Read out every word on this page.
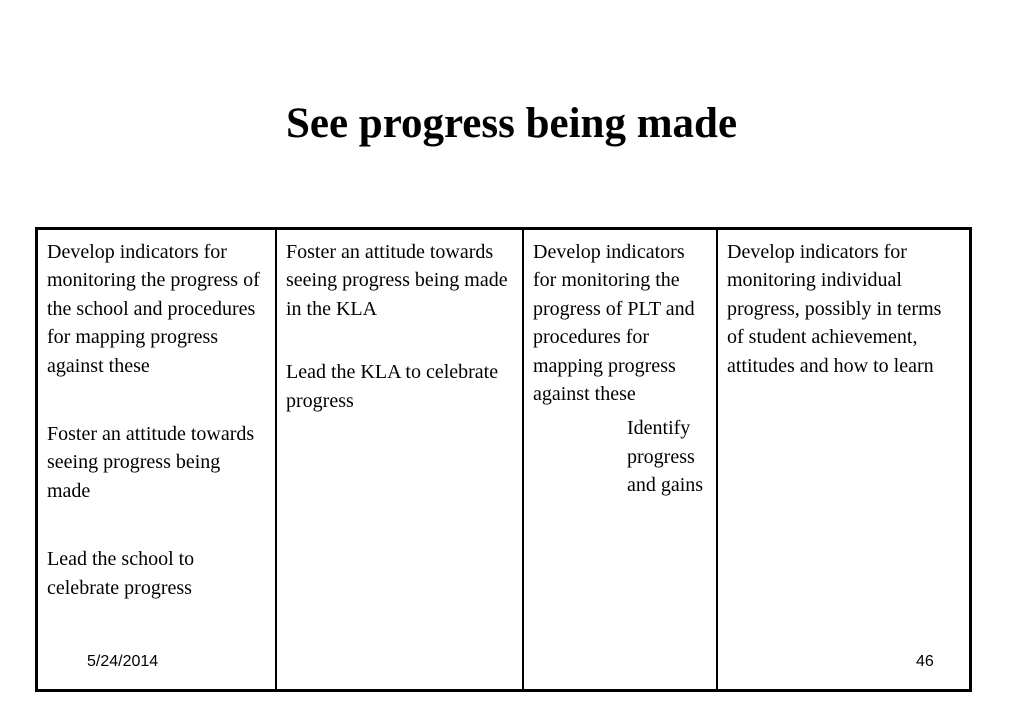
See progress being made

Develop indicators for monitoring the progress of the school and procedures for mapping progress against these

Foster an attitude towards seeing progress being made

Lead the school to celebrate progress

Foster an attitude towards seeing progress being made in the KLA

Lead the KLA to celebrate progress

Develop indicators for monitoring the progress of PLT and procedures for mapping progress against these

Identify progress and gains

Develop indicators for monitoring individual progress, possibly in terms of student achievement, attitudes and how to learn

5/24/2014	46
